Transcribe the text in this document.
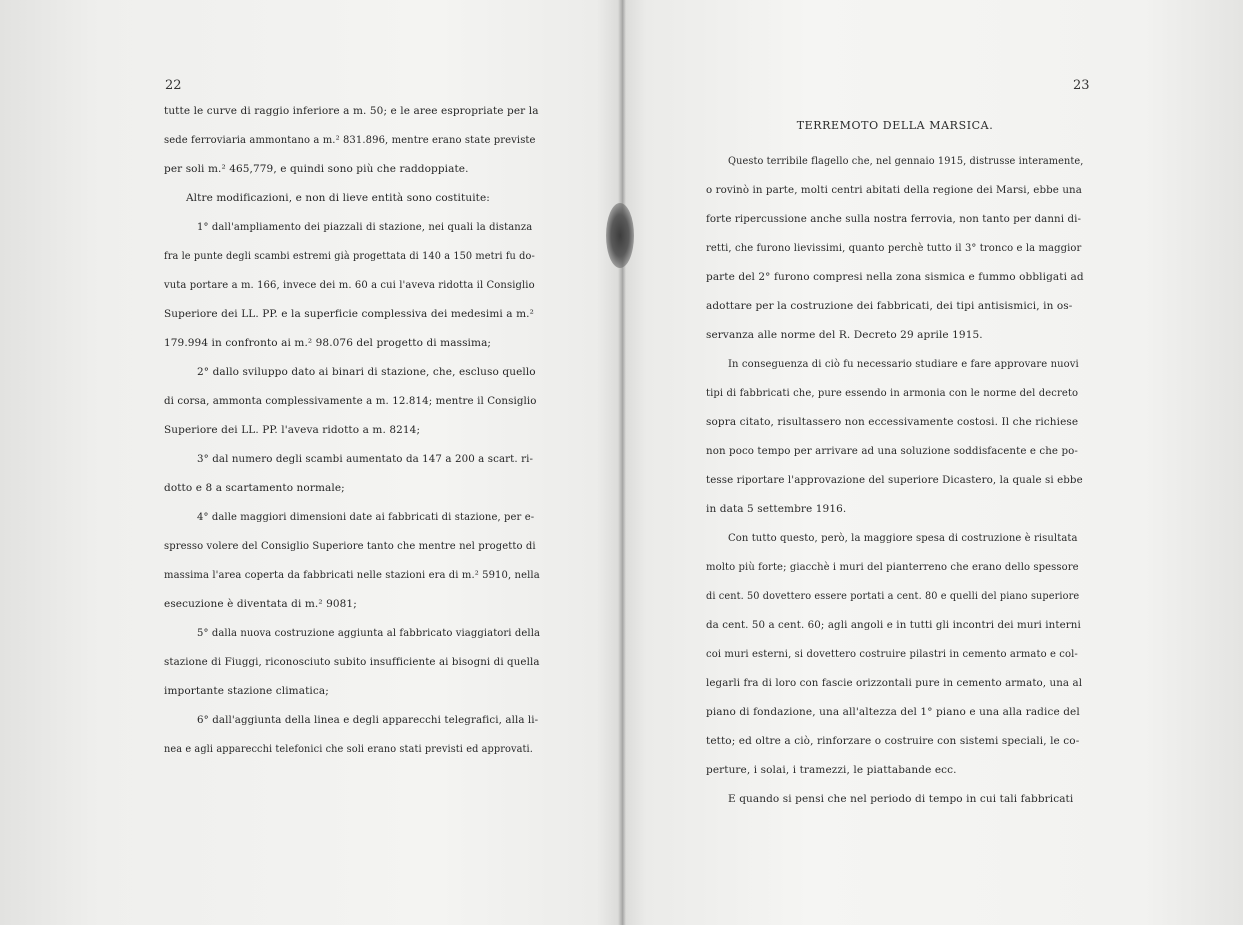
22
tutte le curve di raggio inferiore a m. 50; e le aree espropriate per la
sede ferroviaria ammontano a m.² 831.896, mentre erano state previste
per soli m.² 465,779, e quindi sono più che raddoppiate.
Altre modificazioni, e non di lieve entità sono costituite:
1° dall'ampliamento dei piazzali di stazione, nei quali la distanza
fra le punte degli scambi estremi già progettata di 140 a 150 metri fu do-
vuta portare a m. 166, invece dei m. 60 a cui l'aveva ridotta il Consiglio
Superiore dei LL. PP. e la superficie complessiva dei medesimi a m.²
179.994 in confronto ai m.² 98.076 del progetto di massima;
2° dallo sviluppo dato ai binari di stazione, che, escluso quello
di corsa, ammonta complessivamente a m. 12.814; mentre il Consiglio
Superiore dei LL. PP. l'aveva ridotto a m. 8214;
3° dal numero degli scambi aumentato da 147 a 200 a scart. ri-
dotto e 8 a scartamento normale;
4° dalle maggiori dimensioni date ai fabbricati di stazione, per e-
spresso volere del Consiglio Superiore tanto che mentre nel progetto di
massima l'area coperta da fabbricati nelle stazioni era di m.² 5910, nella
esecuzione è diventata di m.² 9081;
5° dalla nuova costruzione aggiunta al fabbricato viaggiatori della
stazione di Fiuggi, riconosciuto subito insufficiente ai bisogni di quella
importante stazione climatica;
6° dall'aggiunta della linea e degli apparecchi telegrafici, alla li-
nea e agli apparecchi telefonici che soli erano stati previsti ed approvati.
23
TERREMOTO DELLA MARSICA.
Questo terribile flagello che, nel gennaio 1915, distrusse interamente,
o rovinò in parte, molti centri abitati della regione dei Marsi, ebbe una
forte ripercussione anche sulla nostra ferrovia, non tanto per danni di-
retti, che furono lievissimi, quanto perchè tutto il 3° tronco e la maggior
parte del 2° furono compresi nella zona sismica e fummo obbligati ad
adottare per la costruzione dei fabbricati, dei tipi antisismici, in os-
servanza alle norme del R. Decreto 29 aprile 1915.
In conseguenza di ciò fu necessario studiare e fare approvare nuovi
tipi di fabbricati che, pure essendo in armonia con le norme del decreto
sopra citato, risultassero non eccessivamente costosi. Il che richiese
non poco tempo per arrivare ad una soluzione soddisfacente e che po-
tesse riportare l'approvazione del superiore Dicastero, la quale si ebbe
in data 5 settembre 1916.
Con tutto questo, però, la maggiore spesa di costruzione è risultata
molto più forte; giacchè i muri del pianterreno che erano dello spessore
di cent. 50 dovettero essere portati a cent. 80 e quelli del piano superiore
da cent. 50 a cent. 60; agli angoli e in tutti gli incontri dei muri interni
coi muri esterni, si dovettero costruire pilastri in cemento armato e col-
legarli fra di loro con fascie orizzontali pure in cemento armato, una al
piano di fondazione, una all'altezza del 1° piano e una alla radice del
tetto; ed oltre a ciò, rinforzare o costruire con sistemi speciali, le co-
perture, i solai, i tramezzi, le piattabande ecc.
E quando si pensi che nel periodo di tempo in cui tali fabbricati
